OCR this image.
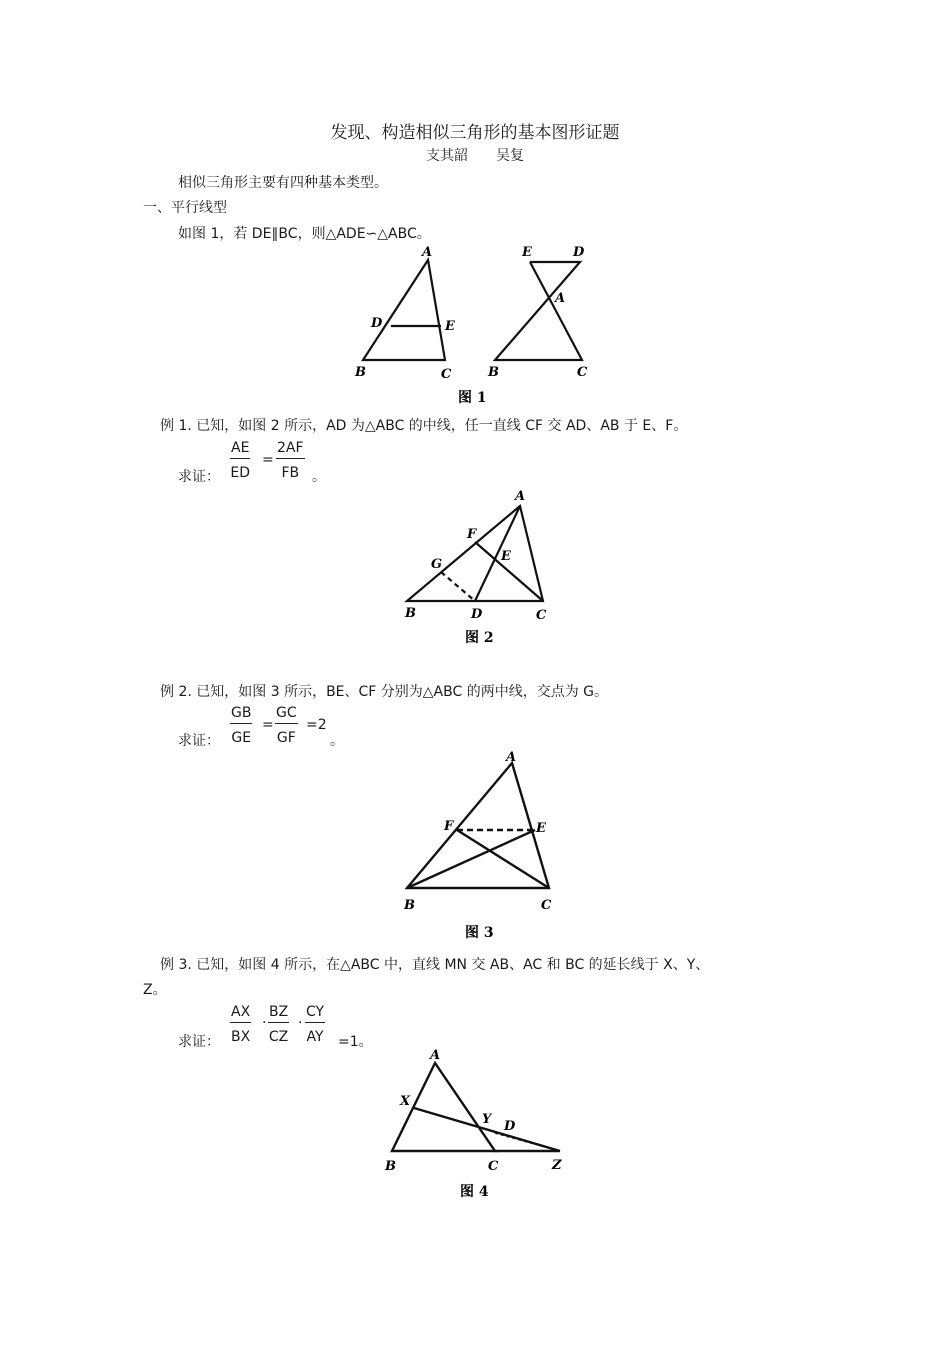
发现、构造相似三角形的基本图形证题
支其韶　　吴复
相似三角形主要有四种基本类型。
一、平行线型
如图 1，若 DE∥BC，则△ADE∽△ABC。
A
D	E
B	C
E	D
A
B	C
图 1
例 1. 已知，如图 2 所示，AD 为△ABC 的中线，任一直线 CF 交 AD、AB 于 E、F。
求证： $\frac{AE}{ED} = \frac{2AF}{FB}$ 。
A
F
E
G
B	D	C
图 2
例 2. 已知，如图 3 所示，BE、CF 分别为△ABC 的两中线，交点为 G。
求证： $\frac{GB}{GE} = \frac{GC}{GF} =2$
。
A
F	E
B	C
图 3
例 3. 已知，如图 4 所示，在△ABC 中，直线 MN 交 AB、AC 和 BC 的延长线于 X、Y、
Z。
求证： $\frac{AX}{BX} \cdot \frac{BZ}{CZ} \cdot \frac{CY}{AY} =1$。
A
X
Y D
B	C	Z
图 4
